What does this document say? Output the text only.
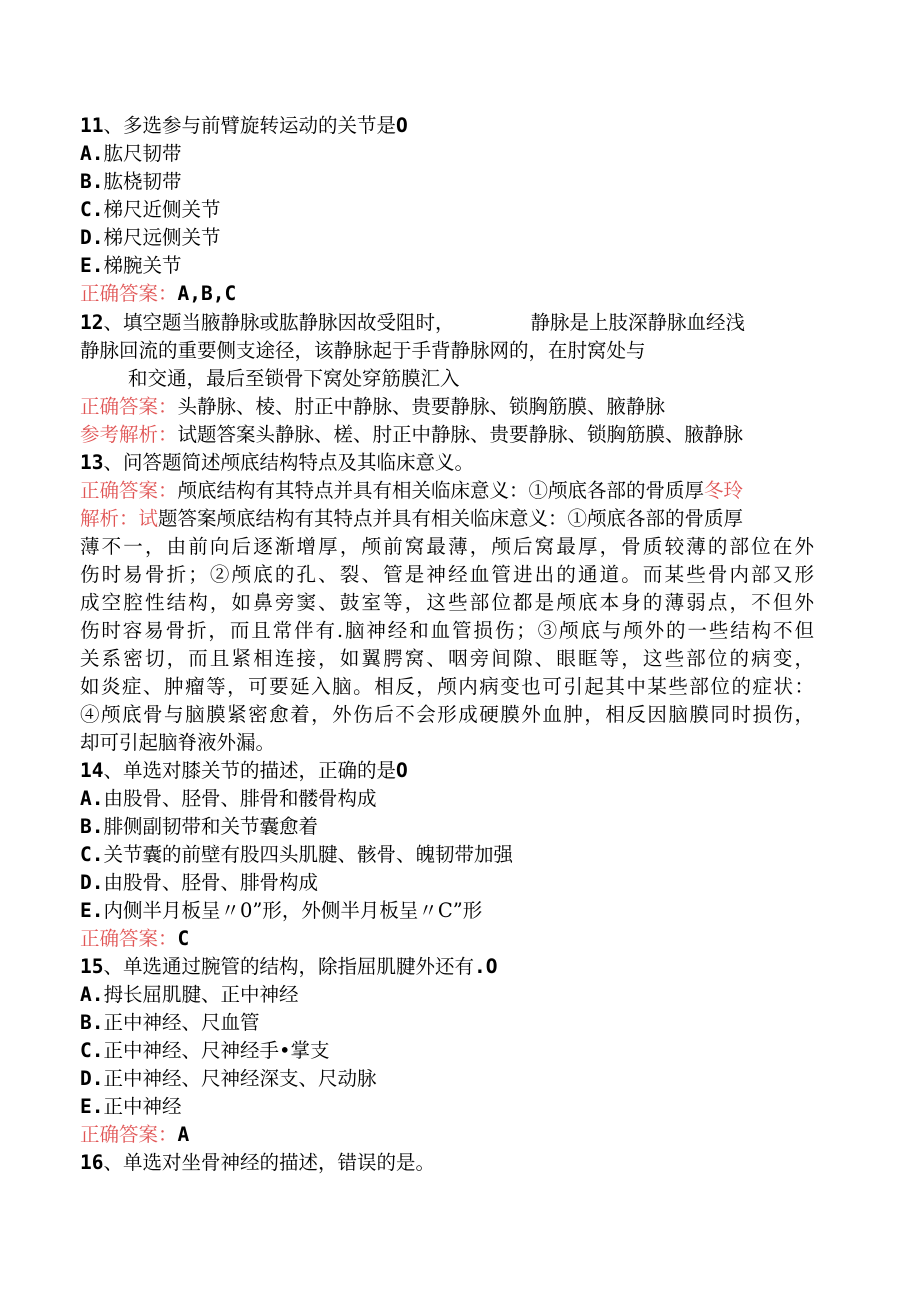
11、多选参与前臂旋转运动的关节是O
A.肱尺韧带
B.肱桡韧带
C.梯尺近侧关节
D.梯尺远侧关节
E.梯腕关节
正确答案：A,B,C
12、填空题当腋静脉或肱静脉因故受阻时，	静脉是上肢深静脉血经浅
静脉回流的重要侧支途径，该静脉起于手背静脉网的，在肘窝处与
和交通，最后至锁骨下窝处穿筋膜汇入
正确答案：头静脉、棱、肘正中静脉、贵要静脉、锁胸筋膜、腋静脉
参考解析：试题答案头静脉、槎、肘正中静脉、贵要静脉、锁胸筋膜、腋静脉
13、问答题简述颅底结构特点及其临床意义。
正确答案：颅底结构有其特点并具有相关临床意义：①颅底各部的骨质厚冬玲
解析：试题答案颅底结构有其特点并具有相关临床意义：①颅底各部的骨质厚
薄不一，由前向后逐渐增厚，颅前窝最薄，颅后窝最厚，骨质较薄的部位在外
伤时易骨折；②颅底的孔、裂、管是神经血管进出的通道。而某些骨内部又形
成空腔性结构，如鼻旁窦、鼓室等，这些部位都是颅底本身的薄弱点，不但外
伤时容易骨折，而且常伴有.脑神经和血管损伤；③颅底与颅外的一些结构不但
关系密切，而且紧相连接，如翼腭窝、咽旁间隙、眼眶等，这些部位的病变，
如炎症、肿瘤等，可要延入脑。相反，颅内病变也可引起其中某些部位的症状：
④颅底骨与脑膜紧密愈着，外伤后不会形成硬膜外血肿，相反因脑膜同时损伤，
却可引起脑脊液外漏。
14、单选对膝关节的描述，正确的是O
A.由股骨、胫骨、腓骨和髅骨构成
B.腓侧副韧带和关节囊愈着
C.关节囊的前壁有股四头肌腱、骸骨、魄韧带加强
D.由股骨、胫骨、腓骨构成
E.内侧半月板呈〃0”形，外侧半月板呈〃C”形
正确答案：C
15、单选通过腕管的结构，除指屈肌腱外还有.O
A.拇长屈肌腱、正中神经
B.正中神经、尺血管
C.正中神经、尺神经手•掌支
D.正中神经、尺神经深支、尺动脉
E.正中神经
正确答案：A
16、单选对坐骨神经的描述，错误的是。
